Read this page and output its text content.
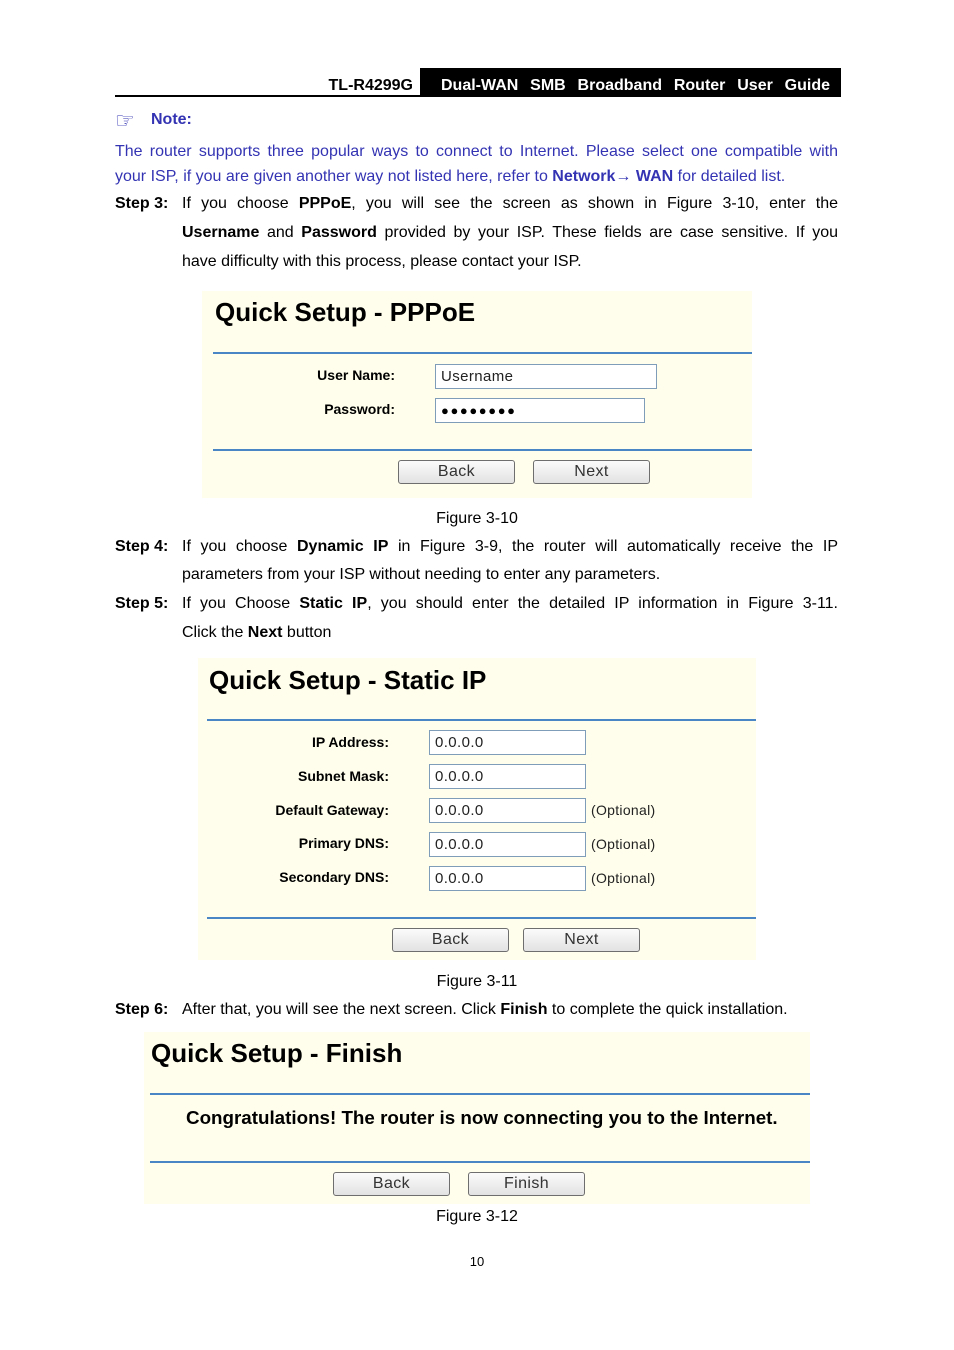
TL-R4299G Dual-WAN SMB Broadband Router User Guide
☞	Note:
The router supports three popular ways to connect to Internet. Please select one compatible with
your ISP, if you are given another way not listed here, refer to Network→ WAN for detailed list.
Step 3: If you choose PPPoE, you will see the screen as shown in Figure 3-10, enter the
Username and Password provided by your ISP. These fields are case sensitive. If you
have difficulty with this process, please contact your ISP.
Quick Setup - PPPoE
User Name:	Username
Password:	●●●●●●●●
Back	Next
Figure 3-10
Step 4: If you choose Dynamic IP in Figure 3-9, the router will automatically receive the IP
parameters from your ISP without needing to enter any parameters.
Step 5: If you Choose Static IP, you should enter the detailed IP information in Figure 3-11.
Click the Next button
Quick Setup - Static IP
IP Address:	0.0.0.0
Subnet Mask:	0.0.0.0
Default Gateway:	0.0.0.0	(Optional)
Primary DNS:	0.0.0.0	(Optional)
Secondary DNS:	0.0.0.0	(Optional)
Back	Next
Figure 3-11
Step 6: After that, you will see the next screen. Click Finish to complete the quick installation.
Quick Setup - Finish
Congratulations! The router is now connecting you to the Internet.
Back	Finish
Figure 3-12
10
